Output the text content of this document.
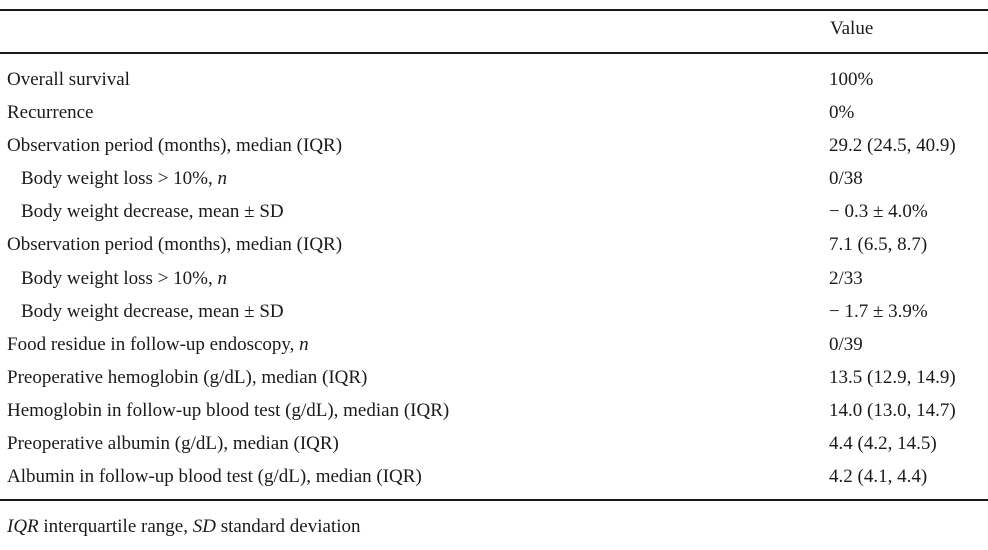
Value
Overall survival	100%
Recurrence	0%
Observation period (months), median (IQR)	29.2 (24.5, 40.9)
Body weight loss > 10%, n	0/38
Body weight decrease, mean ± SD	− 0.3 ± 4.0%
Observation period (months), median (IQR)	7.1 (6.5, 8.7)
Body weight loss > 10%, n	2/33
Body weight decrease, mean ± SD	− 1.7 ± 3.9%
Food residue in follow-up endoscopy, n	0/39
Preoperative hemoglobin (g/dL), median (IQR)	13.5 (12.9, 14.9)
Hemoglobin in follow-up blood test (g/dL), median (IQR)	14.0 (13.0, 14.7)
Preoperative albumin (g/dL), median (IQR)	4.4 (4.2, 14.5)
Albumin in follow-up blood test (g/dL), median (IQR)	4.2 (4.1, 4.4)
IQR interquartile range, SD standard deviation
